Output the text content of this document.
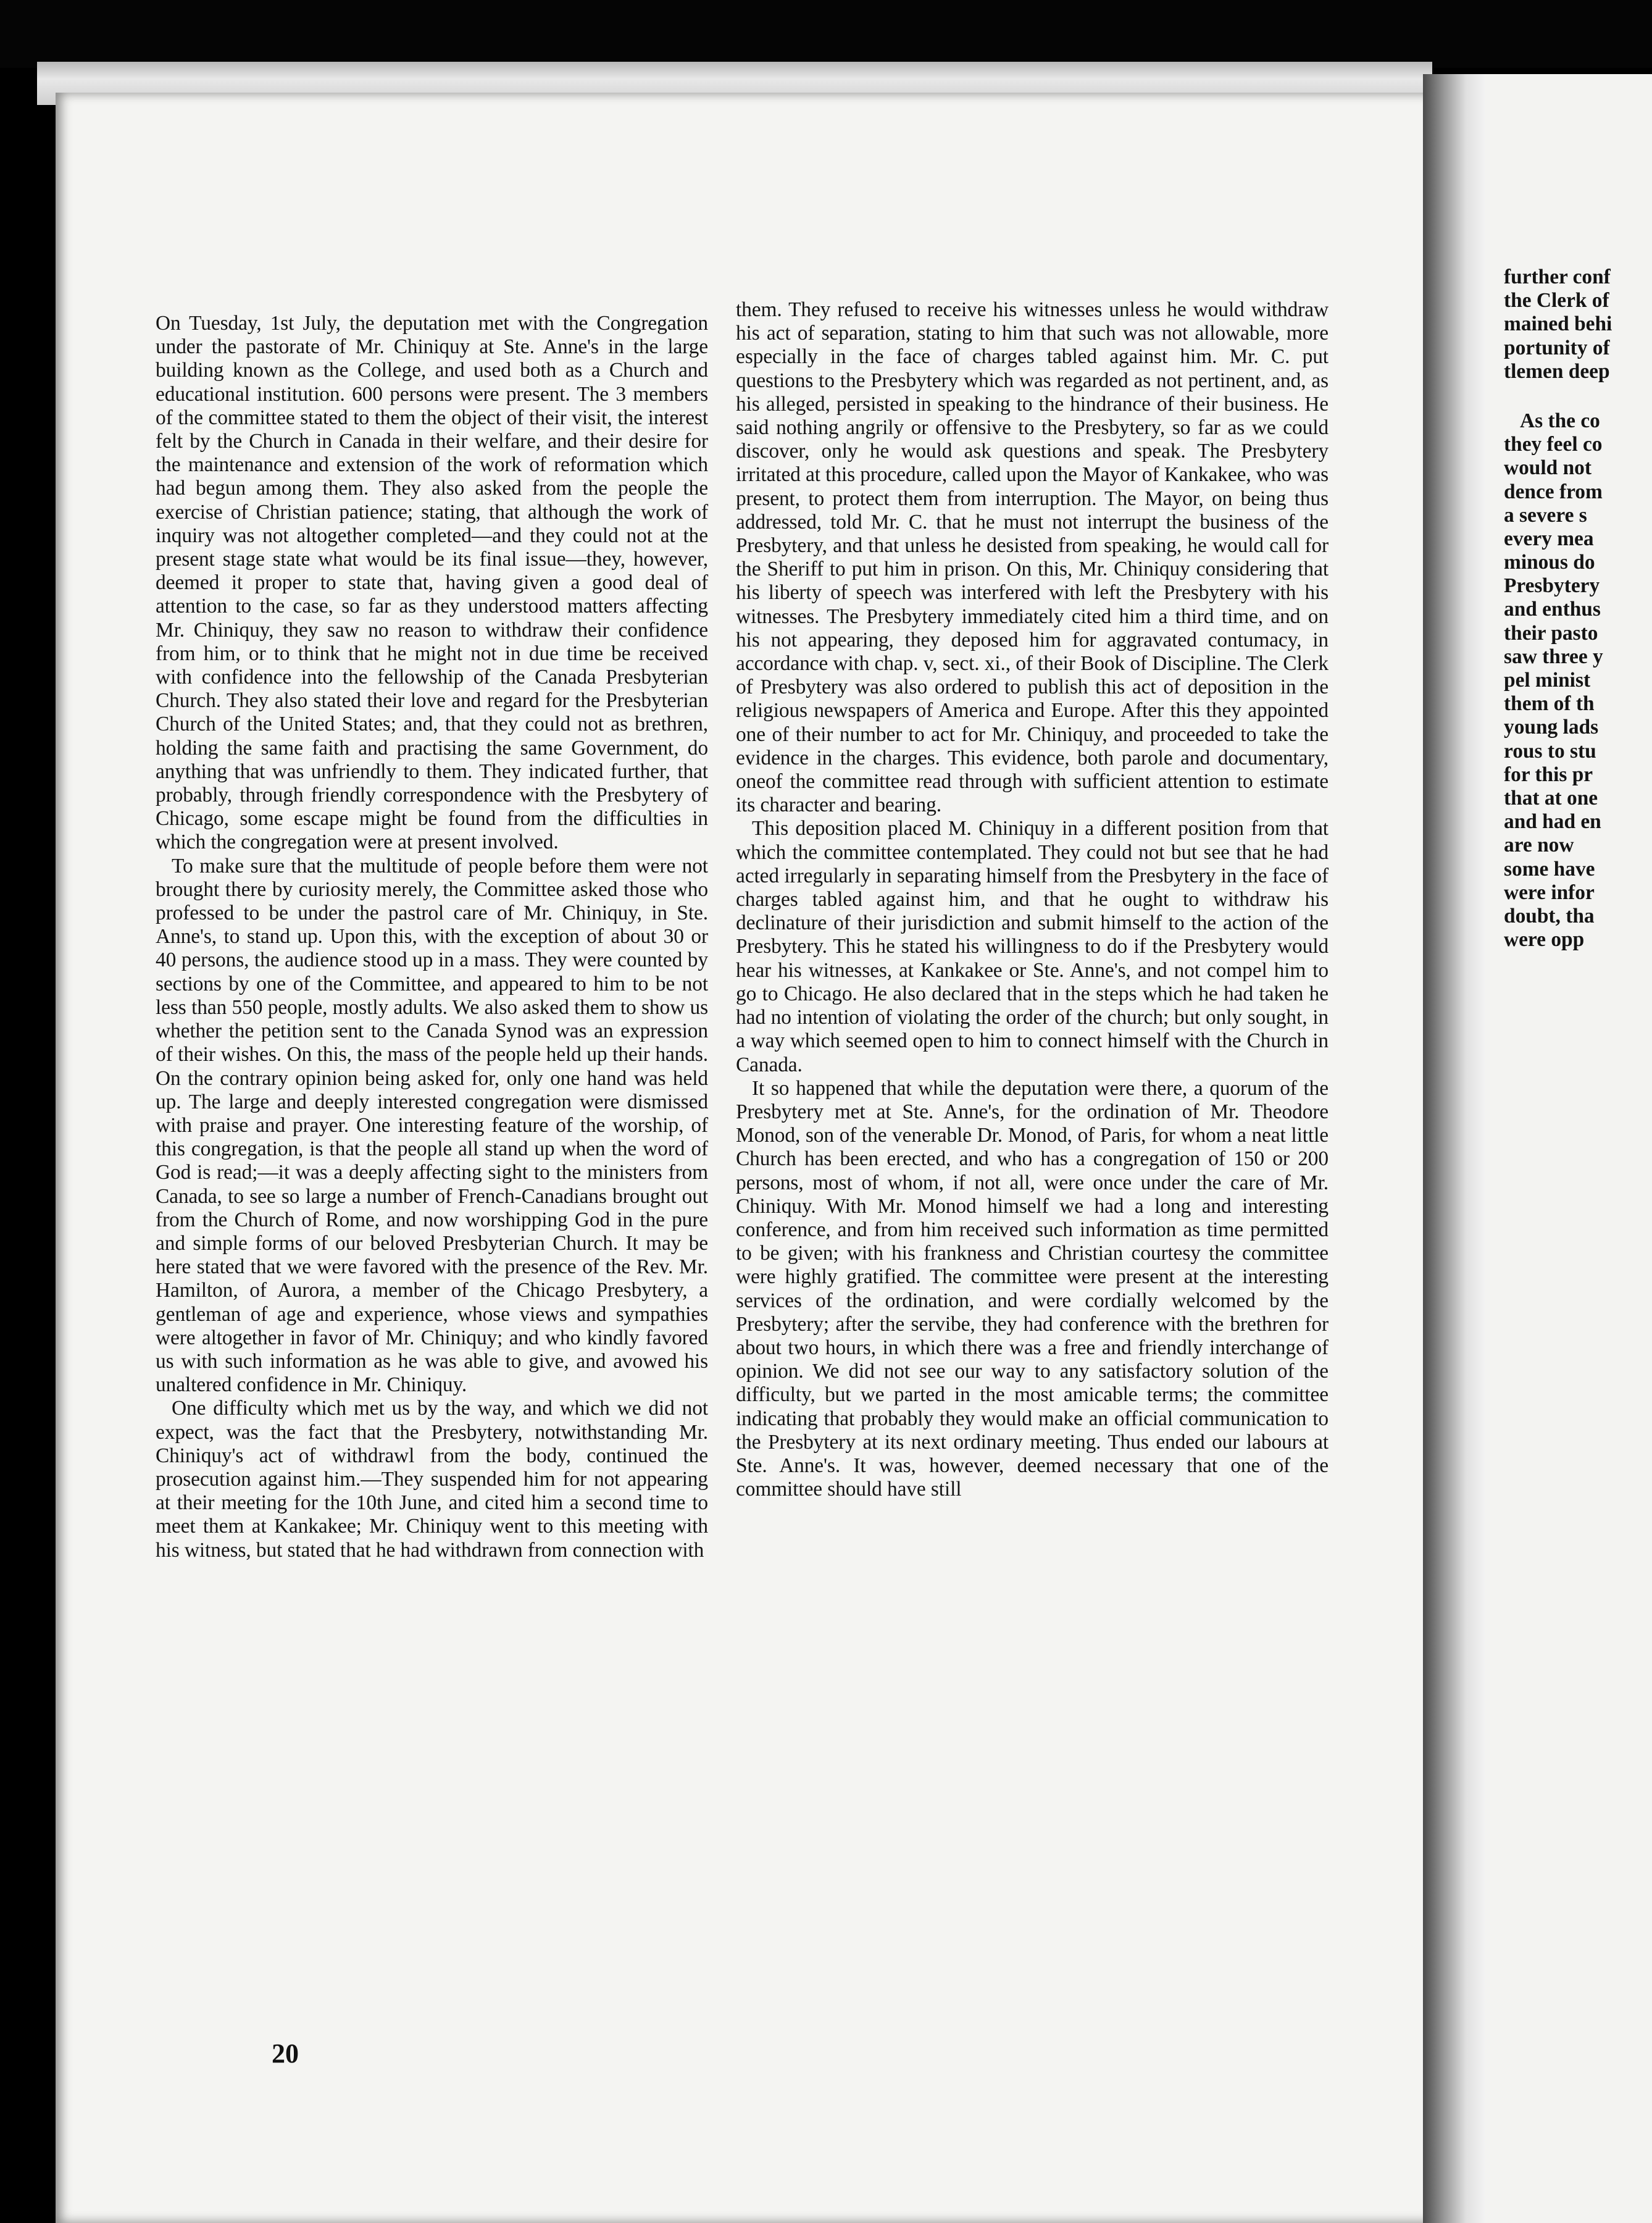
On Tuesday, 1st July, the deputation met with the Congregation under the pastorate of Mr. Chiniquy at Ste. Anne's in the large building known as the College, and used both as a Church and educational institution. 600 persons were present. The 3 members of the committee stated to them the object of their visit, the interest felt by the Church in Canada in their welfare, and their desire for the maintenance and extension of the work of reformation which had begun among them. They also asked from the people the exercise of Christian patience; stating, that although the work of inquiry was not altogether completed—and they could not at the present stage state what would be its final issue—they, however, deemed it proper to state that, having given a good deal of attention to the case, so far as they understood matters affecting Mr. Chiniquy, they saw no reason to withdraw their confidence from him, or to think that he might not in due time be received with confidence into the fellowship of the Canada Presbyterian Church. They also stated their love and regard for the Presbyterian Church of the United States; and, that they could not as brethren, holding the same faith and practising the same Government, do anything that was unfriendly to them. They indicated further, that probably, through friendly correspondence with the Presbytery of Chicago, some escape might be found from the difficulties in which the congregation were at present involved.

To make sure that the multitude of people before them were not brought there by curiosity merely, the Committee asked those who professed to be under the pastrol care of Mr. Chiniquy, in Ste. Anne's, to stand up. Upon this, with the exception of about 30 or 40 persons, the audience stood up in a mass. They were counted by sections by one of the Committee, and appeared to him to be not less than 550 people, mostly adults. We also asked them to show us whether the petition sent to the Canada Synod was an expression of their wishes. On this, the mass of the people held up their hands. On the contrary opinion being asked for, only one hand was held up. The large and deeply interested congregation were dismissed with praise and prayer. One interesting feature of the worship, of this congregation, is that the people all stand up when the word of God is read;—it was a deeply affecting sight to the ministers from Canada, to see so large a number of French-Canadians brought out from the Church of Rome, and now worshipping God in the pure and simple forms of our beloved Presbyterian Church. It may be here stated that we were favored with the presence of the Rev. Mr. Hamilton, of Aurora, a member of the Chicago Presbytery, a gentleman of age and experience, whose views and sympathies were altogether in favor of Mr. Chiniquy; and who kindly favored us with such information as he was able to give, and avowed his unaltered confidence in Mr. Chiniquy.

One difficulty which met us by the way, and which we did not expect, was the fact that the Presbytery, notwithstanding Mr. Chiniquy's act of withdrawl from the body, continued the prosecution against him.—They suspended him for not appearing at their meeting for the 10th June, and cited him a second time to meet them at Kankakee; Mr. Chiniquy went to this meeting with his witness, but stated that he had withdrawn from connection with

them. They refused to receive his witnesses unless he would withdraw his act of separation, stating to him that such was not allowable, more especially in the face of charges tabled against him. Mr. C. put questions to the Presbytery which was regarded as not pertinent, and, as his alleged, persisted in speaking to the hindrance of their business. He said nothing angrily or offensive to the Presbytery, so far as we could discover, only he would ask questions and speak. The Presbytery irritated at this procedure, called upon the Mayor of Kankakee, who was present, to protect them from interruption. The Mayor, on being thus addressed, told Mr. C. that he must not interrupt the business of the Presbytery, and that unless he desisted from speaking, he would call for the Sheriff to put him in prison. On this, Mr. Chiniquy considering that his liberty of speech was interfered with left the Presbytery with his witnesses. The Presbytery immediately cited him a third time, and on his not appearing, they deposed him for aggravated contumacy, in accordance with chap. v, sect. xi., of their Book of Discipline. The Clerk of Presbytery was also ordered to publish this act of deposition in the religious newspapers of America and Europe. After this they appointed one of their number to act for Mr. Chiniquy, and proceeded to take the evidence in the charges. This evidence, both parole and documentary, oneof the committee read through with sufficient attention to estimate its character and bearing.

This deposition placed M. Chiniquy in a different position from that which the committee contemplated. They could not but see that he had acted irregularly in separating himself from the Presbytery in the face of charges tabled against him, and that he ought to withdraw his declinature of their jurisdiction and submit himself to the action of the Presbytery. This he stated his willingness to do if the Presbytery would hear his witnesses, at Kankakee or Ste. Anne's, and not compel him to go to Chicago. He also declared that in the steps which he had taken he had no intention of violating the order of the church; but only sought, in a way which seemed open to him to connect himself with the Church in Canada.

It so happened that while the deputation were there, a quorum of the Presbytery met at Ste. Anne's, for the ordination of Mr. Theodore Monod, son of the venerable Dr. Monod, of Paris, for whom a neat little Church has been erected, and who has a congregation of 150 or 200 persons, most of whom, if not all, were once under the care of Mr. Chiniquy. With Mr. Monod himself we had a long and interesting conference, and from him received such information as time permitted to be given; with his frankness and Christian courtesy the committee were highly gratified. The committee were present at the interesting services of the ordination, and were cordially welcomed by the Presbytery; after the servibe, they had conference with the brethren for about two hours, in which there was a free and friendly interchange of opinion. We did not see our way to any satisfactory solution of the difficulty, but we parted in the most amicable terms; the committee indicating that probably they would make an official communication to the Presbytery at its next ordinary meeting. Thus ended our labours at Ste. Anne's. It was, however, deemed necessary that one of the committee should have still

20
further conf
the Clerk of
mained behi
portunity of
tlemen deep
As the co
they feel co
would not
dence from
a severe s
every mea
minous do
Presbytery
and enthus
their pasto
saw three y
pel minist
them of th
young lads
rous to stu
for this pr
that at one
and had en
are now
some have
were infor
doubt, tha
were opp
